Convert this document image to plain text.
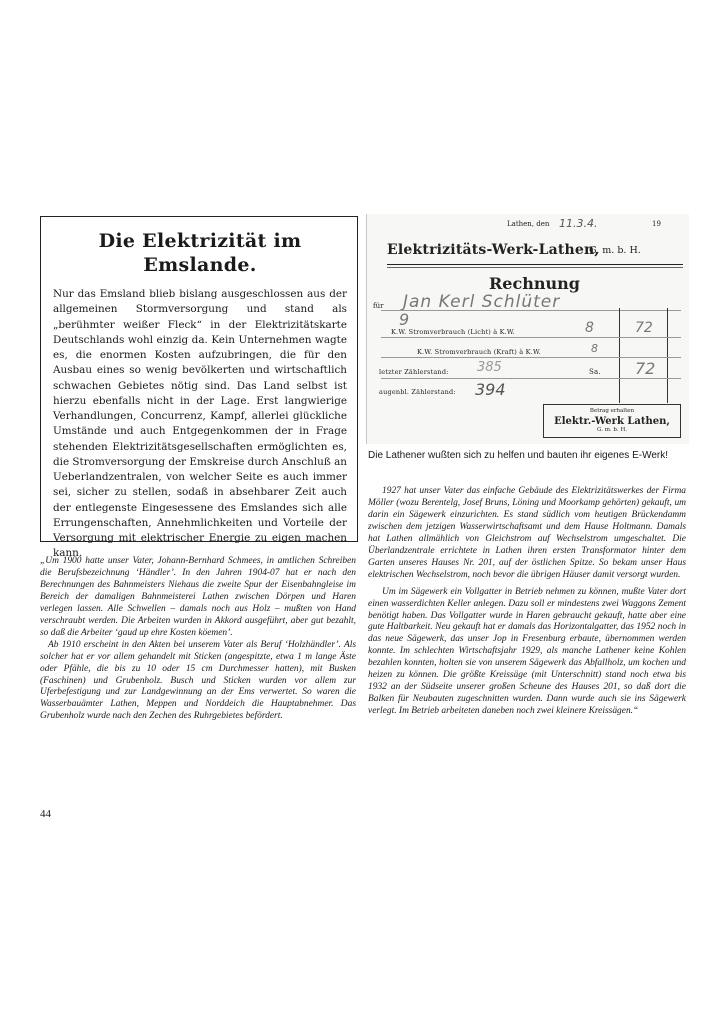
Die Elektrizität im Emslande.

Nur das Emsland blieb bislang ausgeschlossen aus der allgemeinen Stormversorgung und stand als „berühmter weißer Fleck“ in der Elektrizitätskarte Deutschlands wohl einzig da. Kein Unternehmen wagte es, die enormen Kosten aufzubringen, die für den Ausbau eines so wenig bevölkerten und wirtschaftlich schwachen Gebietes nötig sind. Das Land selbst ist hierzu ebenfalls nicht in der Lage. Erst langwierige Verhandlungen, Concurrenz, Kampf, allerlei glückliche Umstände und auch Entgegenkommen der in Frage stehenden Elektrizitätsgesellschaften ermöglichten es, die Stromversorgung der Emskreise durch Anschluß an Ueberlandzentralen, von welcher Seite es auch immer sei, sicher zu stellen, sodaß in absehbarer Zeit auch der entlegenste Eingesessene des Emslandes sich alle Errungenschaften, Annehmlichkeiten und Vorteile der Versorgung mit elektrischer Energie zu eigen machen kann.

Lathen, den 11.3.4.	19
Elektrizitäts-Werk-Lathen,
G. m. b. H.
Rechnung
für Jan Kerl Schlüter
9
K.W. Stromverbrauch (Licht) à K.W.	8	72
K.W. Stromverbrauch (Kraft) à K.W.	8
letzter Zählerstand: 385	Sa. 72
augenbl. Zählerstand: 394
Betrag erhalten
Elektr.-Werk Lathen,
G. m. b. H.
Die Lathener wußten sich zu helfen und bauten ihr eigenes E-Werk!

„Um 1900 hatte unser Vater, Johann-Bernhard Schmees, in amtlichen Schreiben die Berufsbezeichnung ‘Händler’. In den Jahren 1904-07 hat er nach den Berechnungen des Bahnmeisters Niehaus die zweite Spur der Eisenbahngleise im Bereich der damaligen Bahnmeisterei Lathen zwischen Dörpen und Haren verlegen lassen. Alle Schwellen – damals noch aus Holz – mußten von Hand verschraubt werden. Die Arbeiten wurden in Akkord ausgeführt, aber gut bezahlt, so daß die Arbeiter ‘gaud up ehre Kosten köemen’.

Ab 1910 erscheint in den Akten bei unserem Vater als Beruf ‘Holzhändler’. Als solcher hat er vor allem gehandelt mit Sticken (angespitzte, etwa 1 m lange Äste oder Pfähle, die bis zu 10 oder 15 cm Durchmesser hatten), mit Busken (Faschinen) und Grubenholz. Busch und Sticken wurden vor allem zur Uferbefestigung und zur Landgewinnung an der Ems verwertet. So waren die Wasserbauämter Lathen, Meppen und Norddeich die Hauptabnehmer. Das Grubenholz wurde nach den Zechen des Ruhrgebietes befördert.

1927 hat unser Vater das einfache Gebäude des Elektrizitätswerkes der Firma Möller (wozu Berentelg, Josef Bruns, Löning und Moorkamp gehörten) gekauft, um darin ein Sägewerk einzurichten. Es stand südlich vom heutigen Brückendamm zwischen dem jetzigen Wasserwirtschaftsamt und dem Hause Holtmann. Damals hat Lathen allmählich von Gleichstrom auf Wechselstrom umgeschaltet. Die Überlandzentrale errichtete in Lathen ihren ersten Transformator hinter dem Garten unseres Hauses Nr. 201, auf der östlichen Spitze. So bekam unser Haus elektrischen Wechselstrom, noch bevor die übrigen Häuser damit versorgt wurden.

Um im Sägewerk ein Vollgatter in Betrieb nehmen zu können, mußte Vater dort einen wasserdichten Keller anlegen. Dazu soll er mindestens zwei Waggons Zement benötigt haben. Das Vollgatter wurde in Haren gebraucht gekauft, hatte aber eine gute Haltbarkeit. Neu gekauft hat er damals das Horizontalgatter, das 1952 noch in das neue Sägewerk, das unser Jop in Fresenburg erbaute, übernommen werden konnte. Im schlechten Wirtschaftsjahr 1929, als manche Lathener keine Kohlen bezahlen konnten, holten sie von unserem Sägewerk das Abfallholz, um kochen und heizen zu können. Die größte Kreissäge (mit Unterschnitt) stand noch etwa bis 1932 an der Südseite unserer großen Scheune des Hauses 201, so daß dort die Balken für Neubauten zugeschnitten wurden. Dann wurde auch sie ins Sägewerk verlegt. Im Betrieb arbeiteten daneben noch zwei kleinere Kreissägen.“

44
